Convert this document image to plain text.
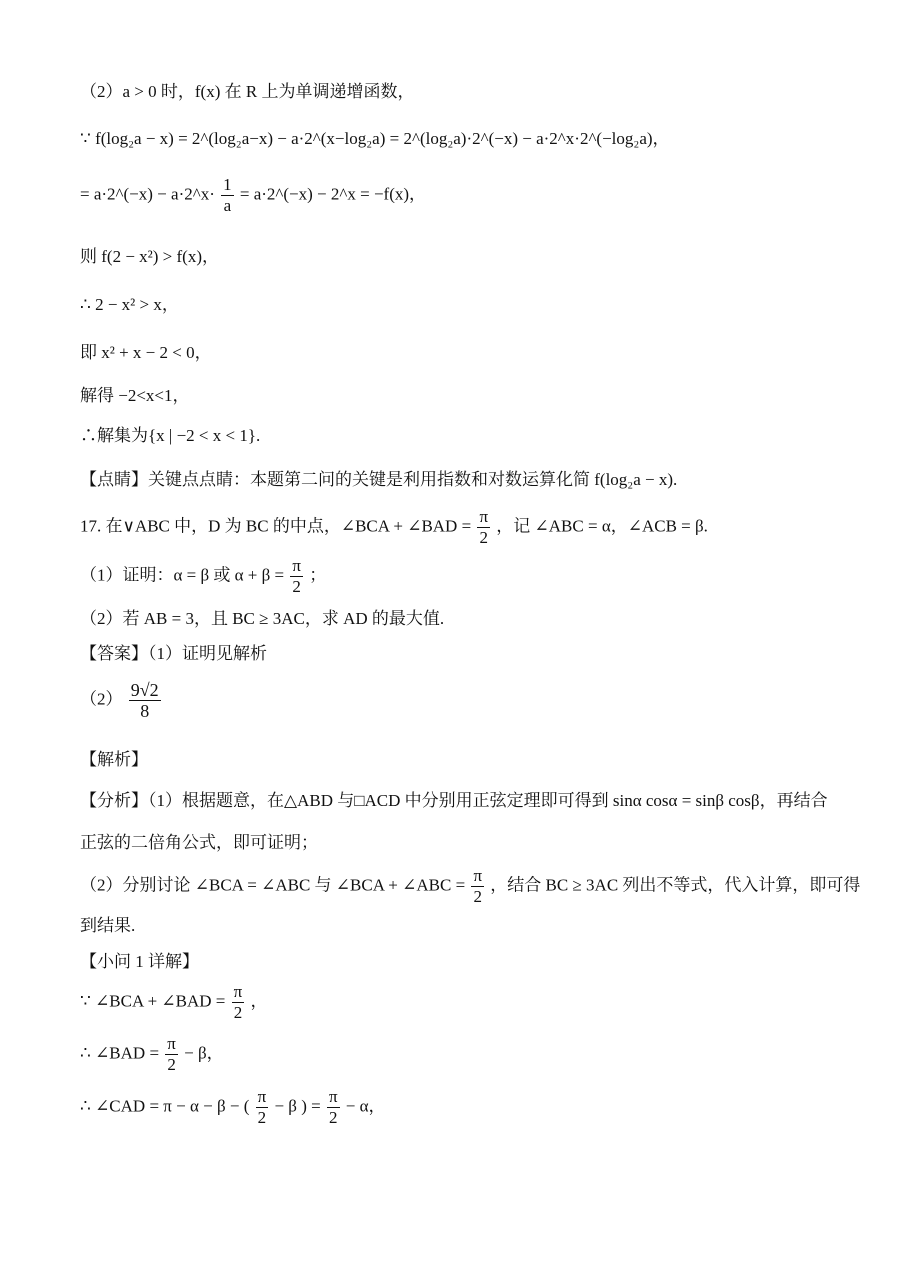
（2）a > 0 时，f(x) 在 R 上为单调递增函数，
∵ f(log₂a − x) = 2^(log₂a−x) − a·2^(x−log₂a) = 2^(log₂a)·2^(−x) − a·2^x·2^(−log₂a)，
= a·2^(−x) − a·2^x· $\frac{1}{a}$ = a·2^(−x) − 2^x = −f(x)，
则 f(2 − x²) > f(x)，
∴ 2 − x² > x，
即 x² + x − 2 < 0，
解得 −2<x<1，
∴解集为{x | −2 < x < 1}.
【点睛】关键点点睛：本题第二问的关键是利用指数和对数运算化简 f(log₂a − x).
17. 在∨ABC 中，D 为 BC 的中点，∠BCA + ∠BAD = $\frac{\pi}{2}$ ，记 ∠ABC = α，∠ACB = β.
（1）证明：α = β 或 $\alpha + \beta = \frac{\pi}{2}$ ；
（2）若 AB = 3，且 BC ≥ 3AC，求 AD 的最大值.
【答案】（1）证明见解析
$(2) \frac{9√2}{8}$
【解析】
【分析】（1）根据题意，在△ABD 与□ACD 中分别用正弦定理即可得到 sinα cosα = sinβ cosβ，再结合正弦的二倍角公式，即可证明；
（2）分别讨论 ∠BCA = ∠ABC 与 ∠BCA + ∠ABC = $\frac{\pi}{2}$ ，结合 BC ≥ 3AC 列出不等式，代入计算，即可得
到结果.
【小问 1 详解】
∵ ∠BCA + ∠BAD = $\frac{\pi}{2}$ ，
∴ ∠BAD = $\frac{\pi}{2} - \beta$，
∴ ∠CAD = π − α − β − ( $\frac{\pi}{2} - \beta$ ) = $\frac{\pi}{2} - \alpha$，
